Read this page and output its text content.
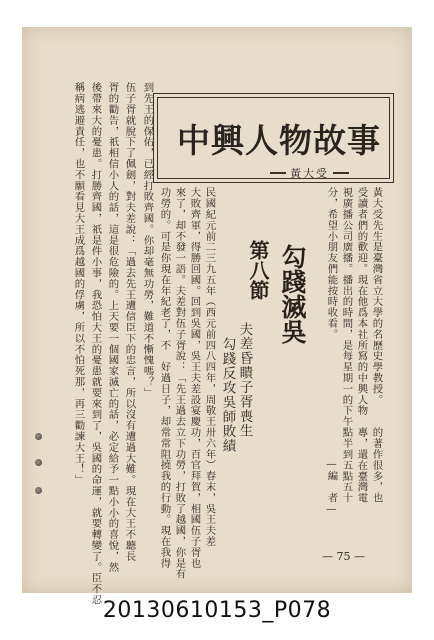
黃大受先生是臺灣省立大學的名歷史學教授。
受讀者們的歡迎。現在他爲本社所寫的中興人物
視廣播公司廣播。播出的時間，是每星期一的下午
分，希望小朋友們能按時收看。
的著作很多，也
專，還在臺灣電
點半到五點五十
—編　者—
中興人物故事
黃大受
勾踐滅吳
第八節
夫差昏瞶子胥喪生
勾踐反攻吳師敗績
民國紀元前二三九五年（西元前四八四年，周敬王卅六年）春末，吳王夫差
大敗齊軍，得勝回國。回到吳國，吳王夫差設宴慶功，百官拜賀，相國伍子胥也
來了，却不發一語。夫差對伍子胥說：「先王過去立下功勞，打敗了越國，你是有
功勞的。可是你現在年紀老了，不　好過日子，却常常阻撓我的行動。現在我得
到先王的保佑，已經打敗齊國。你却毫無功勞，難道不慚愧嗎？」
伍子胥就脫下了佩劍，對夫差說：「過去先王遭信臣下的忠言，所以沒有遭過大難。現在大王不聽長
胥的勸告，祇相信小人的話，這是很危險的。上天要一個國家滅亡的話，必定給予一點小小的喜悅，然
後帶來大的憂患。打勝齊國，祇是件小事，我恐怕大王的憂患就要來到了，吳國的命運，就要轉變了。臣不忍
稱病逃避責任，也不願看見大王成爲越國的俘虜，所以不怕死那，再三勸諫大王！」
— 75 —
20130610153_P078
